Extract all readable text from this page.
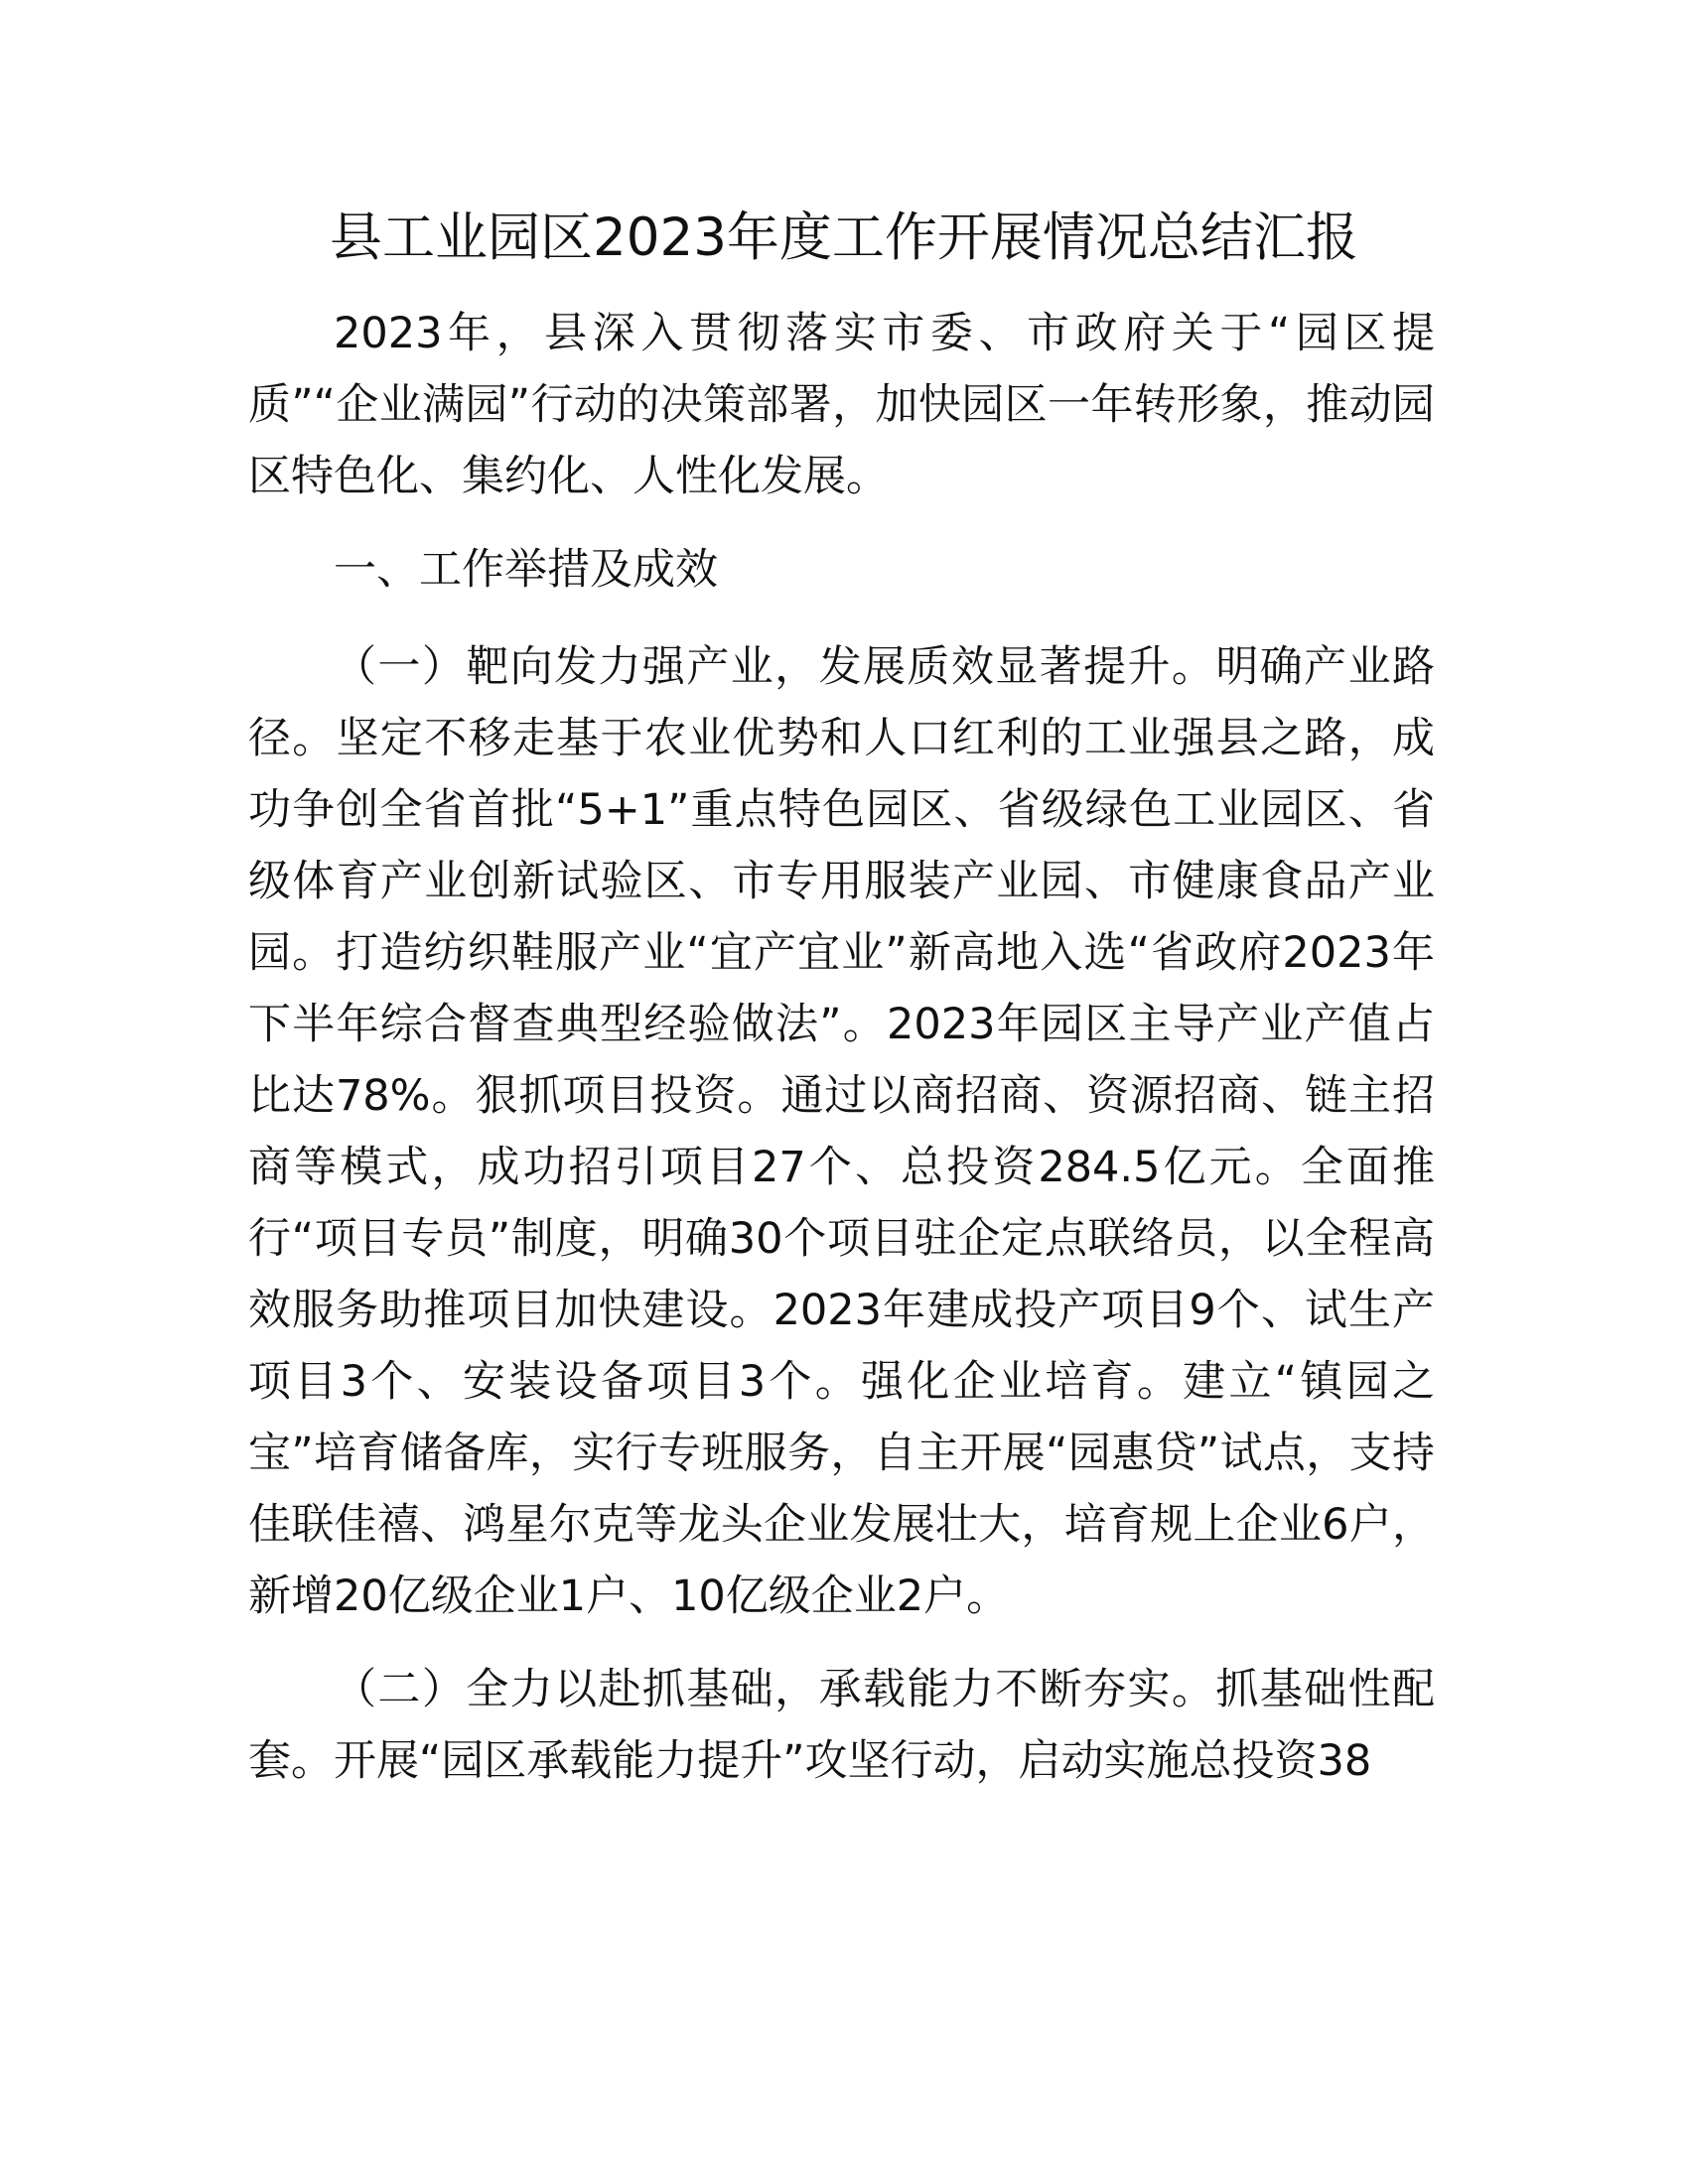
县工业园区2023年度工作开展情况总结汇报

2023年，县深入贯彻落实市委、市政府关于“园区提质”“企业满园”行动的决策部署，加快园区一年转形象，推动园区特色化、集约化、人性化发展。

一、工作举措及成效

（一）靶向发力强产业，发展质效显著提升。明确产业路径。坚定不移走基于农业优势和人口红利的工业强县之路，成功争创全省首批“5+1”重点特色园区、省级绿色工业园区、省级体育产业创新试验区、市专用服装产业园、市健康食品产业园。打造纺织鞋服产业“宜产宜业”新高地入选“省政府2023年下半年综合督查典型经验做法”。2023年园区主导产业产值占比达78%。狠抓项目投资。通过以商招商、资源招商、链主招商等模式，成功招引项目27个、总投资284.5亿元。全面推行“项目专员”制度，明确30个项目驻企定点联络员，以全程高效服务助推项目加快建设。2023年建成投产项目9个、试生产项目3个、安装设备项目3个。强化企业培育。建立“镇园之宝”培育储备库，实行专班服务，自主开展“园惠贷”试点，支持佳联佳禧、鸿星尔克等龙头企业发展壮大，培育规上企业6户，新增20亿级企业1户、10亿级企业2户。

（二）全力以赴抓基础，承载能力不断夯实。抓基础性配套。开展“园区承载能力提升”攻坚行动，启动实施总投资38
